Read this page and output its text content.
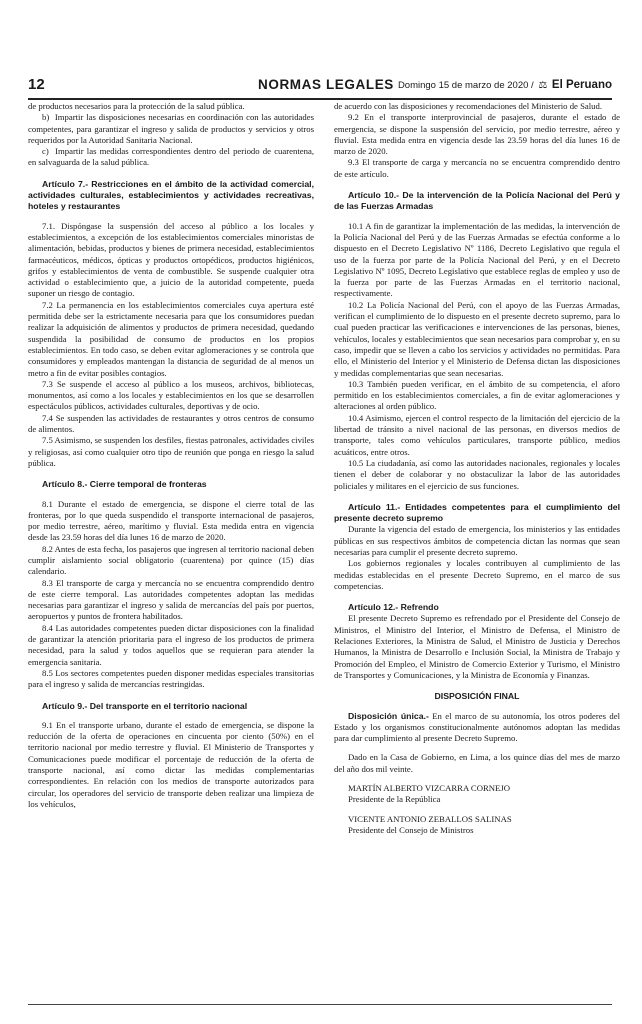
12	NORMAS LEGALES Domingo 15 de marzo de 2020 / ⚖ El Peruano

de productos necesarios para la protección de la salud pública.

b)  Impartir las disposiciones necesarias en coordinación con las autoridades competentes, para garantizar el ingreso y salida de productos y servicios y otros requeridos por la Autoridad Sanitaria Nacional.

c)  Impartir las medidas correspondientes dentro del periodo de cuarentena, en salvaguarda de la salud pública.

Artículo 7.- Restricciones en el ámbito de la actividad comercial, actividades culturales, establecimientos y actividades recreativas, hoteles y restaurantes

7.1. Dispóngase la suspensión del acceso al público a los locales y establecimientos, a excepción de los establecimientos comerciales minoristas de alimentación, bebidas, productos y bienes de primera necesidad, establecimientos farmacéuticos, médicos, ópticas y productos ortopédicos, productos higiénicos, grifos y establecimientos de venta de combustible. Se suspende cualquier otra actividad o establecimiento que, a juicio de la autoridad competente, pueda suponer un riesgo de contagio.

7.2 La permanencia en los establecimientos comerciales cuya apertura esté permitida debe ser la estrictamente necesaria para que los consumidores puedan realizar la adquisición de alimentos y productos de primera necesidad, quedando suspendida la posibilidad de consumo de productos en los propios establecimientos. En todo caso, se deben evitar aglomeraciones y se controla que consumidores y empleados mantengan la distancia de seguridad de al menos un metro a fin de evitar posibles contagios.

7.3 Se suspende el acceso al público a los museos, archivos, bibliotecas, monumentos, así como a los locales y establecimientos en los que se desarrollen espectáculos públicos, actividades culturales, deportivas y de ocio.

7.4 Se suspenden las actividades de restaurantes y otros centros de consumo de alimentos.

7.5 Asimismo, se suspenden los desfiles, fiestas patronales, actividades civiles y religiosas, así como cualquier otro tipo de reunión que ponga en riesgo la salud pública.

Artículo 8.- Cierre temporal de fronteras

8.1 Durante el estado de emergencia, se dispone el cierre total de las fronteras, por lo que queda suspendido el transporte internacional de pasajeros, por medio terrestre, aéreo, marítimo y fluvial. Esta medida entra en vigencia desde las 23.59 horas del día lunes 16 de marzo de 2020.

8.2 Antes de esta fecha, los pasajeros que ingresen al territorio nacional deben cumplir aislamiento social obligatorio (cuarentena) por quince (15) días calendario.

8.3 El transporte de carga y mercancía no se encuentra comprendido dentro de este cierre temporal. Las autoridades competentes adoptan las medidas necesarias para garantizar el ingreso y salida de mercancías del país por puertos, aeropuertos y puntos de frontera habilitados.

8.4 Las autoridades competentes pueden dictar disposiciones con la finalidad de garantizar la atención prioritaria para el ingreso de los productos de primera necesidad, para la salud y todos aquellos que se requieran para atender la emergencia sanitaria.

8.5 Los sectores competentes pueden disponer medidas especiales transitorias para el ingreso y salida de mercancías restringidas.

Artículo 9.- Del transporte en el territorio nacional

9.1 En el transporte urbano, durante el estado de emergencia, se dispone la reducción de la oferta de operaciones en cincuenta por ciento (50%) en el territorio nacional por medio terrestre y fluvial. El Ministerio de Transportes y Comunicaciones puede modificar el porcentaje de reducción de la oferta de transporte nacional, así como dictar las medidas complementarias correspondientes. En relación con los medios de transporte autorizados para circular, los operadores del servicio de transporte deben realizar una limpieza de los vehículos,

de acuerdo con las disposiciones y recomendaciones del Ministerio de Salud.

9.2 En el transporte interprovincial de pasajeros, durante el estado de emergencia, se dispone la suspensión del servicio, por medio terrestre, aéreo y fluvial. Esta medida entra en vigencia desde las 23.59 horas del día lunes 16 de marzo de 2020.

9.3 El transporte de carga y mercancía no se encuentra comprendido dentro de este artículo.

Artículo 10.- De la intervención de la Policía Nacional del Perú y de las Fuerzas Armadas

10.1 A fin de garantizar la implementación de las medidas, la intervención de la Policía Nacional del Perú y de las Fuerzas Armadas se efectúa conforme a lo dispuesto en el Decreto Legislativo Nº 1186, Decreto Legislativo que regula el uso de la fuerza por parte de la Policía Nacional del Perú, y en el Decreto Legislativo Nº 1095, Decreto Legislativo que establece reglas de empleo y uso de la fuerza por parte de las Fuerzas Armadas en el territorio nacional, respectivamente.

10.2 La Policía Nacional del Perú, con el apoyo de las Fuerzas Armadas, verifican el cumplimiento de lo dispuesto en el presente decreto supremo, para lo cual pueden practicar las verificaciones e intervenciones de las personas, bienes, vehículos, locales y establecimientos que sean necesarios para comprobar y, en su caso, impedir que se lleven a cabo los servicios y actividades no permitidas. Para ello, el Ministerio del Interior y el Ministerio de Defensa dictan las disposiciones y medidas complementarias que sean necesarias.

10.3 También pueden verificar, en el ámbito de su competencia, el aforo permitido en los establecimientos comerciales, a fin de evitar aglomeraciones y alteraciones al orden público.

10.4 Asimismo, ejercen el control respecto de la limitación del ejercicio de la libertad de tránsito a nivel nacional de las personas, en diversos medios de transporte, tales como vehículos particulares, transporte público, medios acuáticos, entre otros.

10.5 La ciudadanía, así como las autoridades nacionales, regionales y locales tienen el deber de colaborar y no obstaculizar la labor de las autoridades policiales y militares en el ejercicio de sus funciones.

Artículo 11.- Entidades competentes para el cumplimiento del presente decreto supremo

Durante la vigencia del estado de emergencia, los ministerios y las entidades públicas en sus respectivos ámbitos de competencia dictan las normas que sean necesarias para cumplir el presente decreto supremo.

Los gobiernos regionales y locales contribuyen al cumplimiento de las medidas establecidas en el presente Decreto Supremo, en el marco de sus competencias.

Artículo 12.- Refrendo

El presente Decreto Supremo es refrendado por el Presidente del Consejo de Ministros, el Ministro del Interior, el Ministro de Defensa, el Ministro de Relaciones Exteriores, la Ministra de Salud, el Ministro de Justicia y Derechos Humanos, la Ministra de Desarrollo e Inclusión Social, la Ministra de Trabajo y Promoción del Empleo, el Ministro de Comercio Exterior y Turismo, el Ministro de Transportes y Comunicaciones, y la Ministra de Economía y Finanzas.

DISPOSICIÓN FINAL

Disposición única.- En el marco de su autonomía, los otros poderes del Estado y los organismos constitucionalmente autónomos adoptan las medidas para dar cumplimiento al presente Decreto Supremo.

Dado en la Casa de Gobierno, en Lima, a los quince días del mes de marzo del año dos mil veinte.

MARTÍN ALBERTO VIZCARRA CORNEJO

Presidente de la República

VICENTE ANTONIO ZEBALLOS SALINAS

Presidente del Consejo de Ministros
